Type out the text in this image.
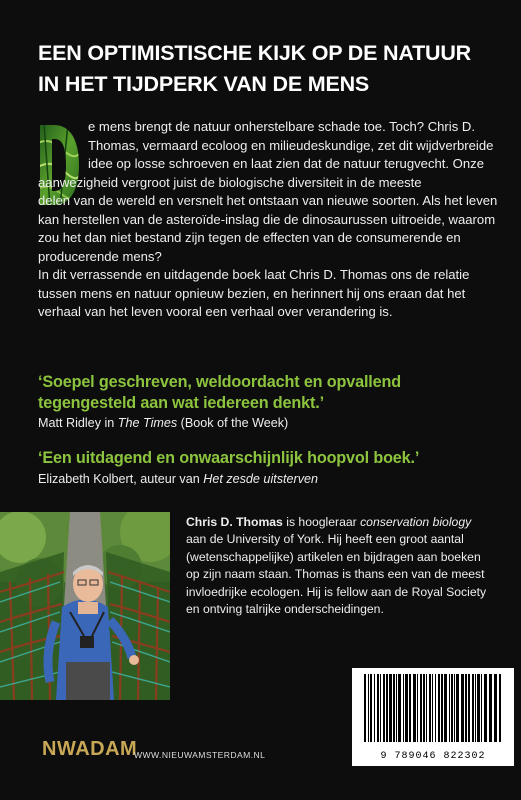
EEN OPTIMISTISCHE KIJK OP DE NATUUR
IN HET TIJDPERK VAN DE MENS
D	e mens brengt de natuur onherstelbare schade toe. Toch? Chris D.
Thomas, vermaard ecoloog en milieudeskundige, zet dit wijdverbreide
idee op losse schroeven en laat zien dat de natuur terugvecht. Onze
aanwezigheid vergroot juist de biologische diversiteit in de meeste
delen van de wereld en versnelt het ontstaan van nieuwe soorten. Als het leven
kan herstellen van de asteroïde-inslag die de dinosaurussen uitroeide, waarom
zou het dan niet bestand zijn tegen de effecten van de consumerende en
producerende mens?
In dit verrassende en uitdagende boek laat Chris D. Thomas ons de relatie
tussen mens en natuur opnieuw bezien, en herinnert hij ons eraan dat het
verhaal van het leven vooral een verhaal over verandering is.
‘Soepel geschreven, weldoordacht en opvallend
tegengesteld aan wat iedereen denkt.’
Matt Ridley in The Times (Book of the Week)
‘Een uitdagend en onwaarschijnlijk hoopvol boek.’
Elizabeth Kolbert, auteur van Het zesde uitsterven
Chris D. Thomas is hoogleraar conservation biology
aan de University of York. Hij heeft een groot aantal
(wetenschappelijke) artikelen en bijdragen aan boeken
op zijn naam staan. Thomas is thans een van de meest
invloedrijke ecologen. Hij is fellow aan de Royal Society
en ontving talrijke onderscheidingen.
9 789046 822302
NWADAM
WWW.NIEUWAMSTERDAM.NL
